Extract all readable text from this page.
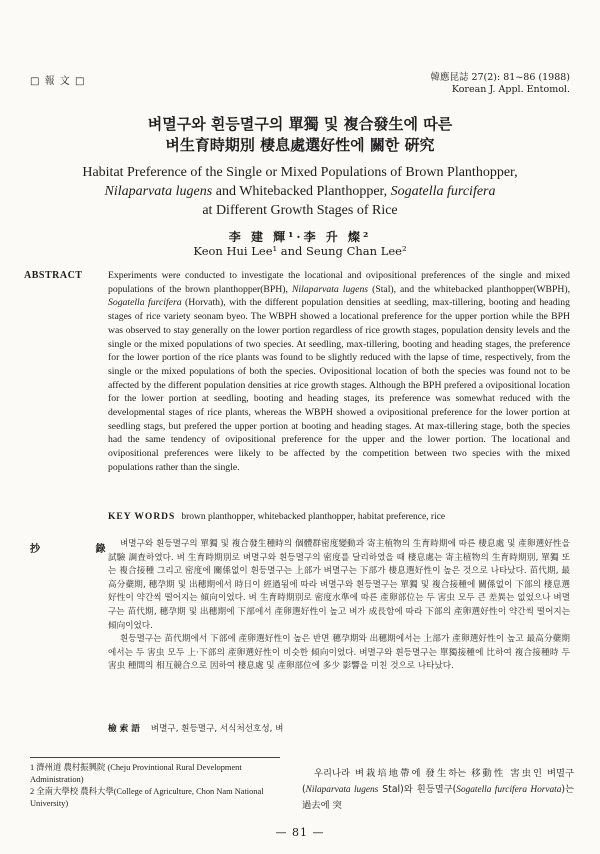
□ 報 文 □	韓應昆誌 27(2): 81~86 (1988)
Korean J. Appl. Entomol.
벼멸구와 흰등멸구의 單獨 및 複合發生에 따른
벼生育時期別 棲息處選好性에 關한 硏究
Habitat Preference of the Single or Mixed Populations of Brown Planthopper,
Nilaparvata lugens and Whitebacked Planthopper, Sogatella furcifera
at Different Growth Stages of Rice
李 建 輝¹·李 升 燦²
Keon Hui Lee¹ and Seung Chan Lee²
ABSTRACT	Experiments were conducted to investigate the locational and ovipositional preferences of the single and mixed populations of the brown planthopper(BPH), Nilaparvata lugens (Stal), and the whitebacked planthopper(WBPH), Sogatella furcifera (Horvath), with the different population densities at seedling, max-tillering, booting and heading stages of rice variety seonam byeo. The WBPH showed a locational preference for the upper portion while the BPH was observed to stay generally on the lower portion regardless of rice growth stages, population density levels and the single or the mixed populations of two species. At seedling, max-tillering, booting and heading stages, the preference for the lower portion of the rice plants was found to be slightly reduced with the lapse of time, respectively, from the single or the mixed populations of both the species. Ovipositional location of both the species was found not to be affected by the different population densities at rice growth stages. Although the BPH prefered a ovipositional location for the lower portion at seedling, booting and heading stages, its preference was somewhat reduced with the developmental stages of rice plants, whereas the WBPH showed a ovipositional preference for the lower portion at seedling stags, but prefered the upper portion at booting and heading stages. At max-tillering stage, both the species had the same tendency of ovipositional preference for the upper and the lower portion. The locational and ovipositional preferences were likely to be affected by the competition between two species with the mixed populations rather than the single.
KEY WORDS brown planthopper, whitebacked planthopper, habitat preference, rice
抄 錄

벼멸구와 흰등멸구의 單獨 및 複合發生種時의 個體群密度變動과 寄主植物의 生育時期에 따른 棲息處 및 產卵選好性을 試驗 調査하였다. 벼 生育時期別로 벼멸구와 흰등멸구의 密度를 달리하였을 때 棲息處는 寄主植物의 生育時期別, 單獨 또는 複合接種 그리고 密度에 關係없이 흰등멸구는 上部가 벼멸구는 下部가 棲息選好性이 높은 것으로 나타났다. 苗代期, 最高分蘗期, 穗孕期 및 出穗期에서 時日이 經過됨에 따라 벼멸구와 흰등멸구는 單獨 및 複合接種에 關係없이 下部의 棲息選好性이 약간씩 떨어지는 傾向이었다. 벼 生育時期別로 密度水準에 따른 產卵部位는 두 害虫 모두 큰 差異는 없었으나 벼멸구는 苗代期, 穗孕期 및 出穗期에 下部에서 產卵選好性이 높고 벼가 成長함에 따라 下部의 產卵選好性이 약간씩 떨어지는 傾向이었다.

흰등멸구는 苗代期에서 下部에 產卵選好性이 높은 반면 穗孕期와 出穗期에서는 上部가 產卵選好性이 높고 最高分蘗期에서는 두 害虫 모두 上·下部의 產卵選好性이 비슷한 傾向이었다. 벼멸구와 흰등멸구는 單獨接種에 比하여 複合接種時 두 害虫 種間의 相互競合으로 因하여 棲息處 및 產卵部位에 多少 影響을 미친 것으로 나타났다.

檢索語 벼멸구, 흰등멸구, 서식처선호성, 벼
1 濟州道 農村振興院 (Cheju Provintional Rural Development Administration)
2 全南大學校 農科大學(College of Agriculture, Chon Nam National University)
우리나라 벼栽培地帶에 發生하는 移動性 害虫인 벼멸구(Nilaparvata lugens Stal)와 흰등멸구(Sogatella furcifera Horvata)는 過去에 突
— 81 —
